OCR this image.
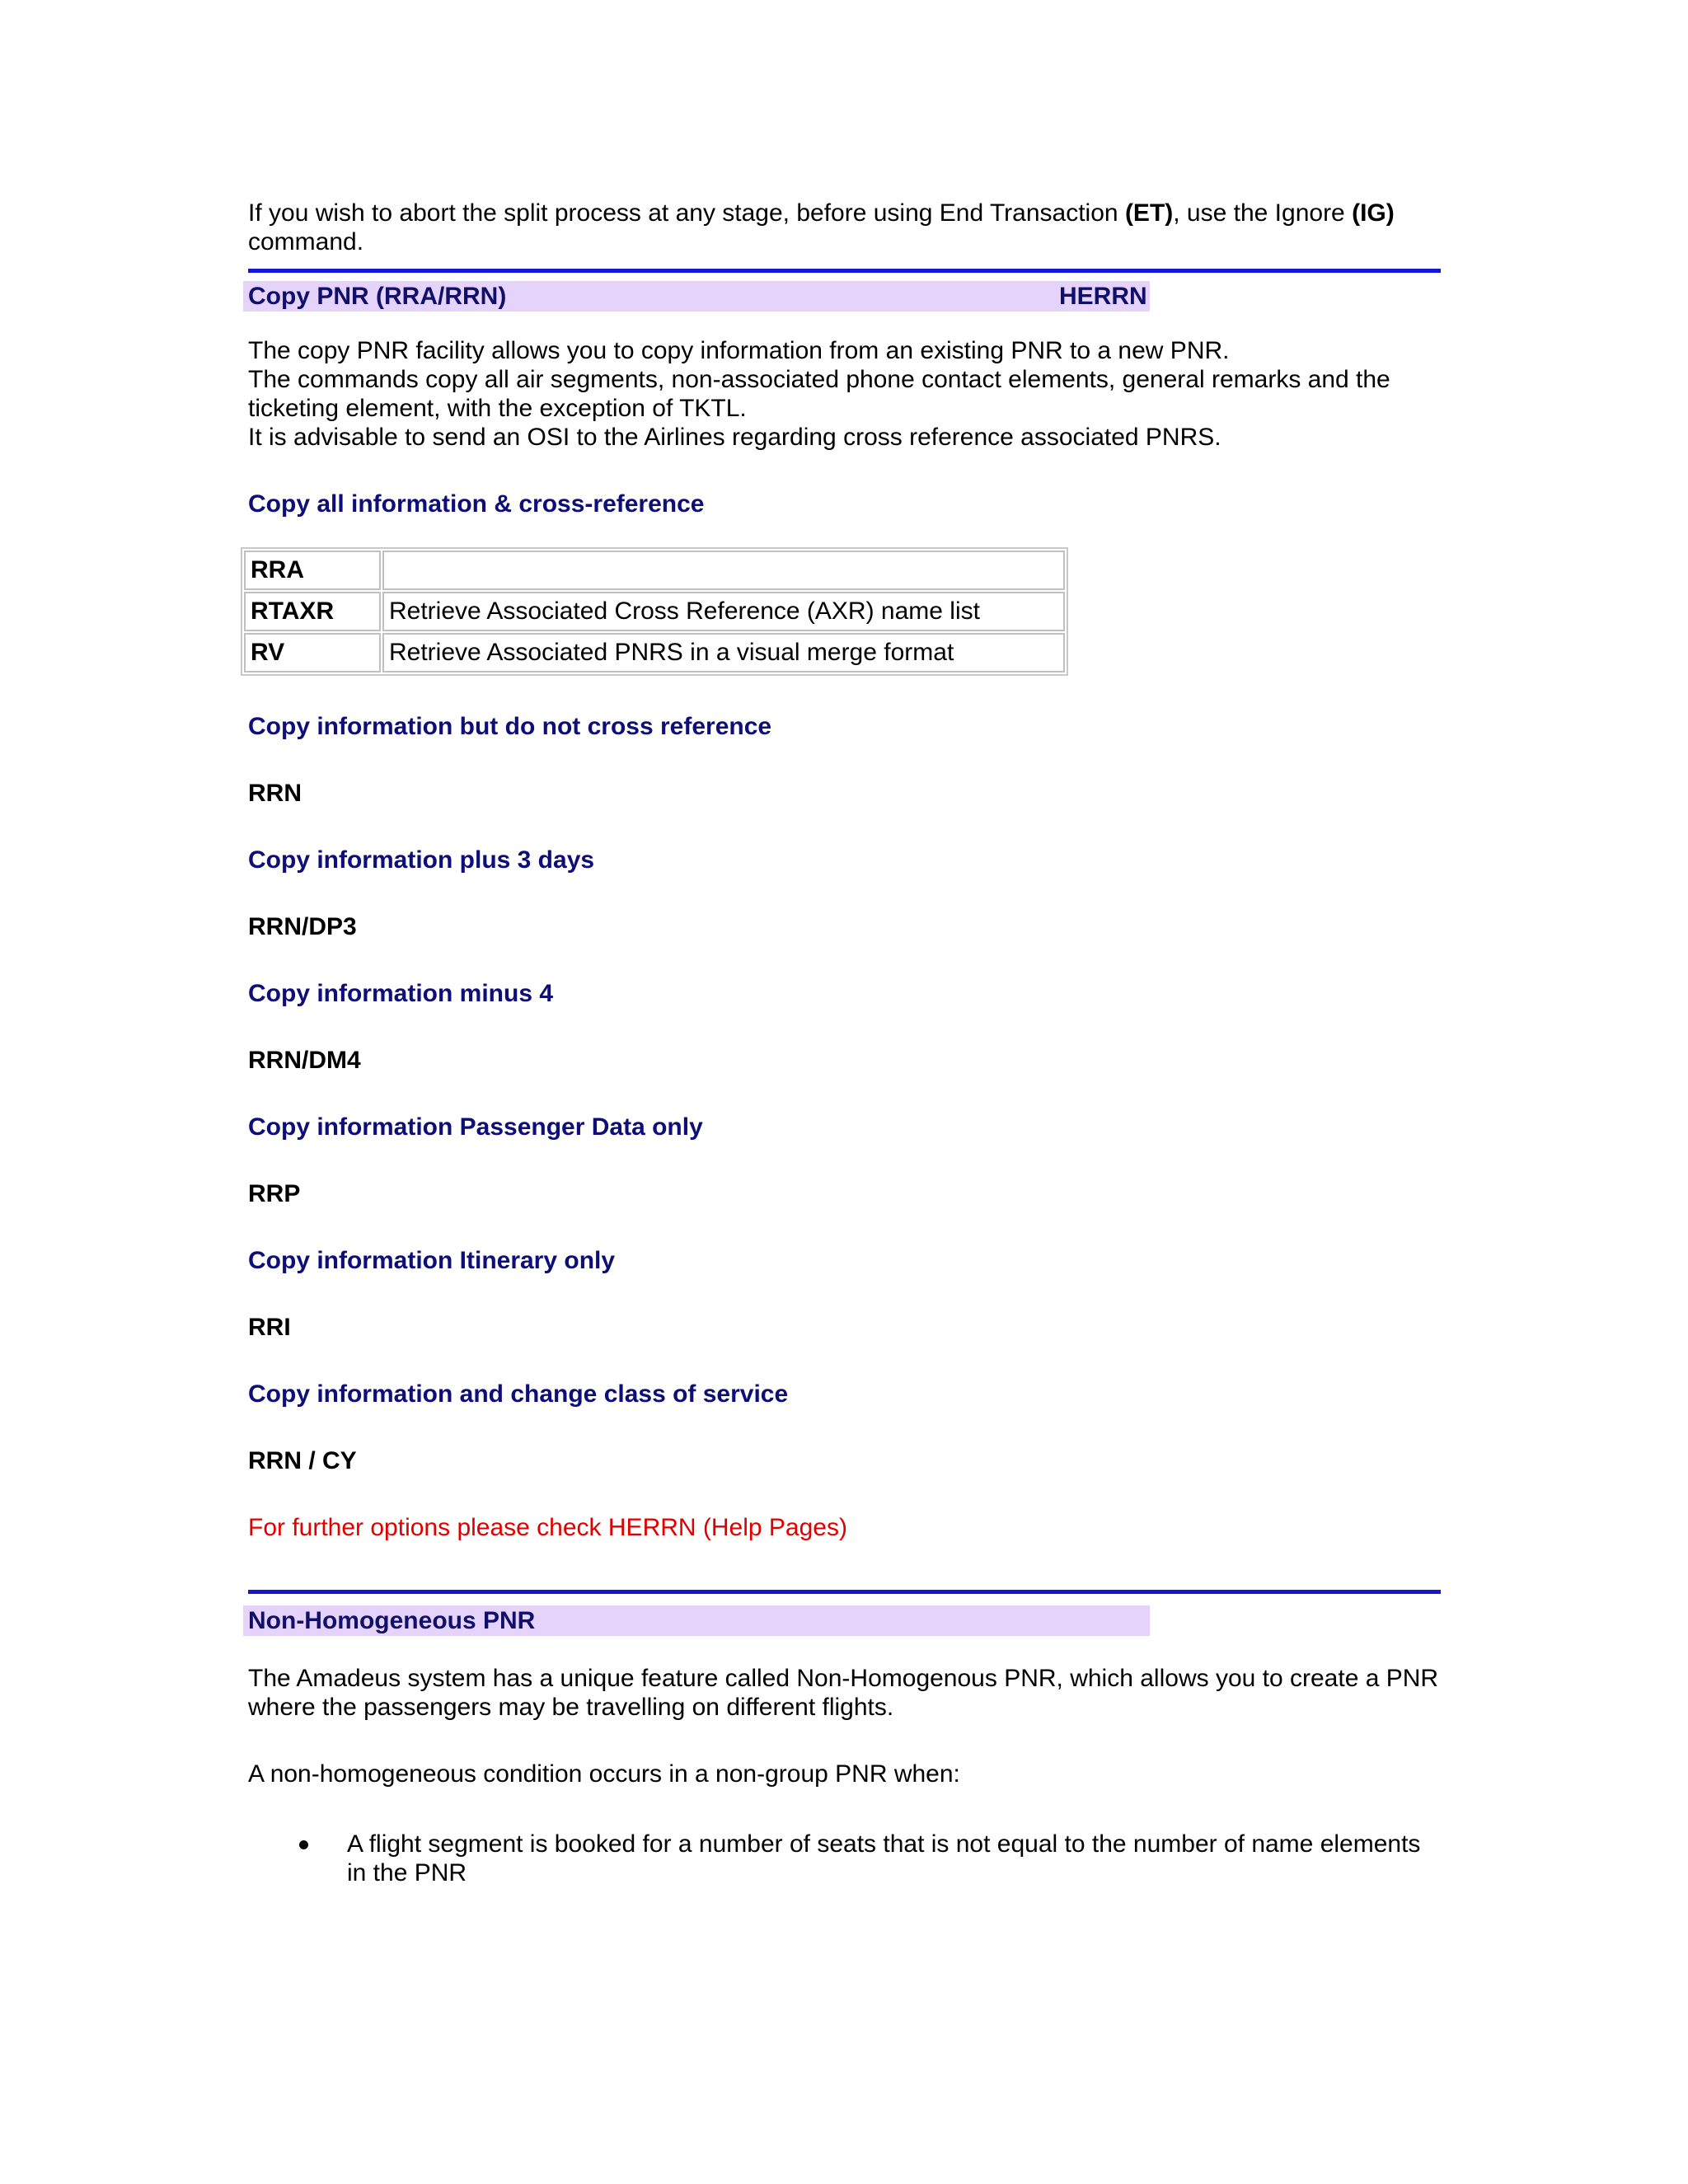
If you wish to abort the split process at any stage, before using End Transaction (ET), use the Ignore (IG)
command.

Copy PNR (RRA/RRN)	HERRN

The copy PNR facility allows you to copy information from an existing PNR to a new PNR.

The commands copy all air segments, non-associated phone contact elements, general remarks and the ticketing element, with the exception of TKTL.

It is advisable to send an OSI to the Airlines regarding cross reference associated PNRS.

Copy all information & cross-reference

RRA	
RTAXR	Retrieve Associated Cross Reference (AXR) name list
RV	Retrieve Associated PNRS in a visual merge format

Copy information but do not cross reference

RRN

Copy information plus 3 days

RRN/DP3

Copy information minus 4

RRN/DM4

Copy information Passenger Data only

RRP

Copy information Itinerary only

RRI

Copy information and change class of service

RRN / CY

For further options please check HERRN (Help Pages)

Non-Homogeneous PNR

The Amadeus system has a unique feature called Non-Homogenous PNR, which allows you to create a PNR where the passengers may be travelling on different flights.

A non-homogeneous condition occurs in a non-group PNR when:

A flight segment is booked for a number of seats that is not equal to the number of name elements in the PNR
